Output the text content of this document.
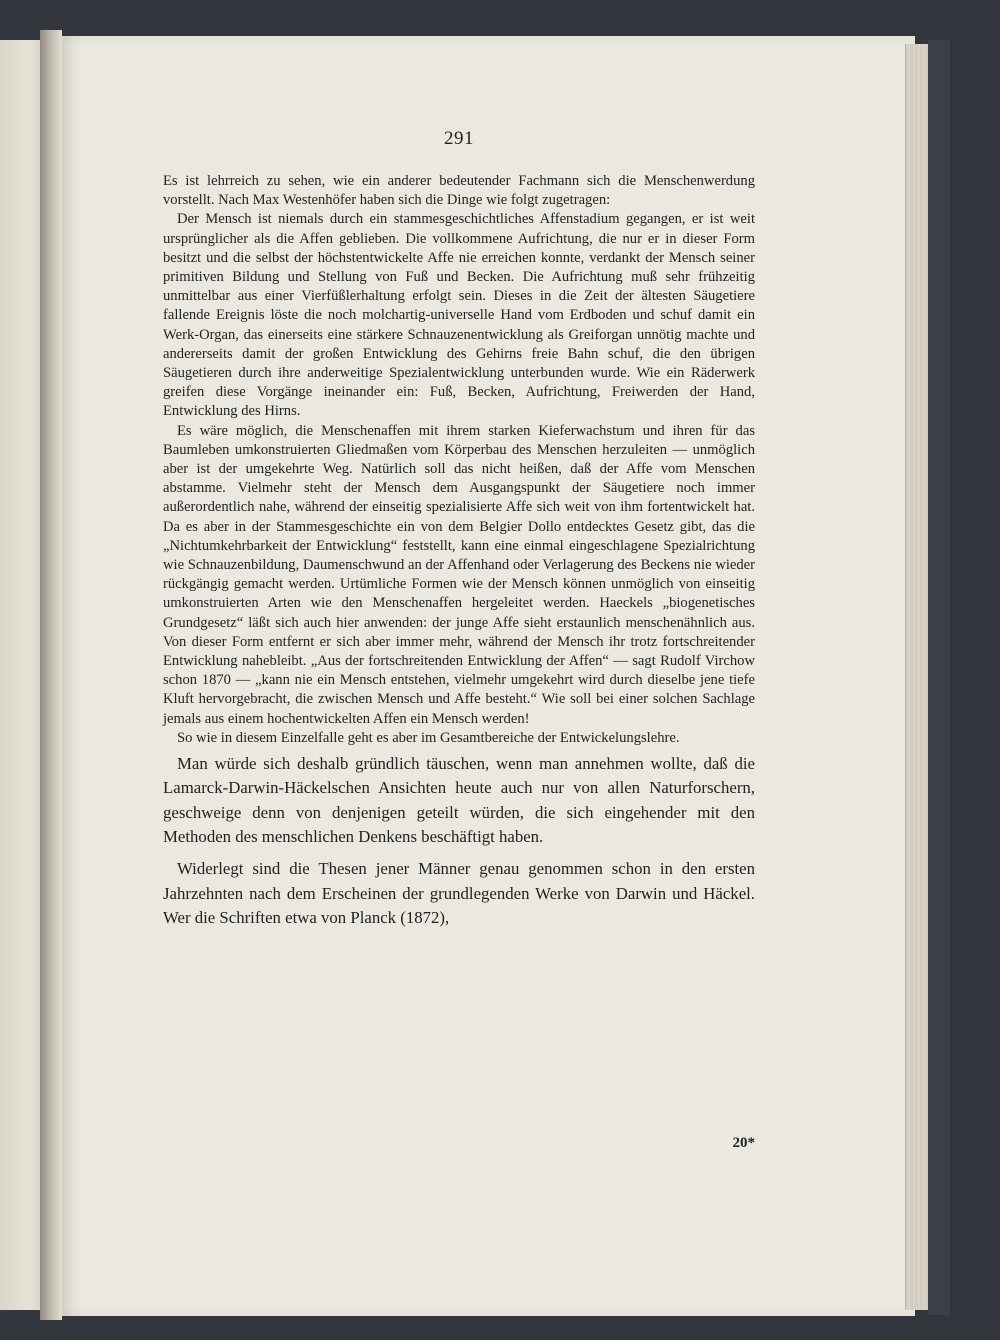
291

Es ist lehrreich zu sehen, wie ein anderer bedeutender Fachmann sich die Menschenwerdung vorstellt. Nach Max Westenhöfer haben sich die Dinge wie folgt zugetragen:

Der Mensch ist niemals durch ein stammesgeschichtliches Affenstadium gegangen, er ist weit ursprünglicher als die Affen geblieben. Die vollkommene Aufrichtung, die nur er in dieser Form besitzt und die selbst der höchstentwickelte Affe nie erreichen konnte, verdankt der Mensch seiner primitiven Bildung und Stellung von Fuß und Becken. Die Aufrichtung muß sehr frühzeitig unmittelbar aus einer Vierfüßlerhaltung erfolgt sein. Dieses in die Zeit der ältesten Säugetiere fallende Ereignis löste die noch molchartig-universelle Hand vom Erdboden und schuf damit ein Werk-Organ, das einerseits eine stärkere Schnauzenentwicklung als Greiforgan unnötig machte und andererseits damit der großen Entwicklung des Gehirns freie Bahn schuf, die den übrigen Säugetieren durch ihre anderweitige Spezialentwicklung unterbunden wurde. Wie ein Räderwerk greifen diese Vorgänge ineinander ein: Fuß, Becken, Aufrichtung, Freiwerden der Hand, Entwicklung des Hirns.

Es wäre möglich, die Menschenaffen mit ihrem starken Kieferwachstum und ihren für das Baumleben umkonstruierten Gliedmaßen vom Körperbau des Menschen herzuleiten — unmöglich aber ist der umgekehrte Weg. Natürlich soll das nicht heißen, daß der Affe vom Menschen abstamme. Vielmehr steht der Mensch dem Ausgangspunkt der Säugetiere noch immer außerordentlich nahe, während der einseitig spezialisierte Affe sich weit von ihm fortentwickelt hat. Da es aber in der Stammesgeschichte ein von dem Belgier Dollo entdecktes Gesetz gibt, das die „Nichtumkehrbarkeit der Entwicklung“ feststellt, kann eine einmal eingeschlagene Spezialrichtung wie Schnauzenbildung, Daumenschwund an der Affenhand oder Verlagerung des Beckens nie wieder rückgängig gemacht werden. Urtümliche Formen wie der Mensch können unmöglich von einseitig umkonstruierten Arten wie den Menschenaffen hergeleitet werden. Haeckels „biogenetisches Grundgesetz“ läßt sich auch hier anwenden: der junge Affe sieht erstaunlich menschenähnlich aus. Von dieser Form entfernt er sich aber immer mehr, während der Mensch ihr trotz fortschreitender Entwicklung nahebleibt. „Aus der fortschreitenden Entwicklung der Affen“ — sagt Rudolf Virchow schon 1870 — „kann nie ein Mensch entstehen, vielmehr umgekehrt wird durch dieselbe jene tiefe Kluft hervorgebracht, die zwischen Mensch und Affe besteht.“ Wie soll bei einer solchen Sachlage jemals aus einem hochentwickelten Affen ein Mensch werden!

So wie in diesem Einzelfalle geht es aber im Gesamtbereiche der Entwickelungslehre.

Man würde sich deshalb gründlich täuschen, wenn man annehmen wollte, daß die Lamarck-Darwin-Häckelschen Ansichten heute auch nur von allen Naturforschern, geschweige denn von denjenigen geteilt würden, die sich eingehender mit den Methoden des menschlichen Denkens beschäftigt haben.

Widerlegt sind die Thesen jener Männer genau genommen schon in den ersten Jahrzehnten nach dem Erscheinen der grundlegenden Werke von Darwin und Häckel. Wer die Schriften etwa von Planck (1872),

20*
